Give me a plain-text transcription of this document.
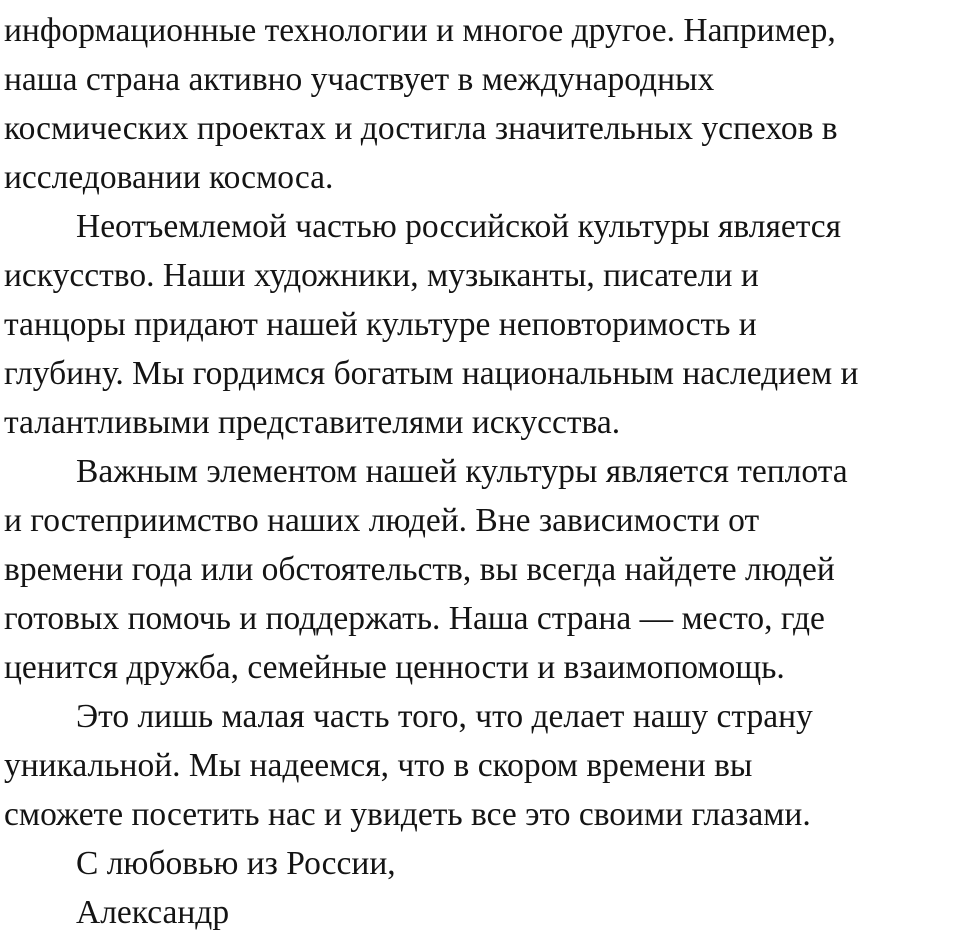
информационные технологии и многое другое. Например,
наша страна активно участвует в международных
космических проектах и достигла значительных успехов в
исследовании космоса.
Неотъемлемой частью российской культуры является
искусство. Наши художники, музыканты, писатели и
танцоры придают нашей культуре неповторимость и
глубину. Мы гордимся богатым национальным наследием и
талантливыми представителями искусства.
Важным элементом нашей культуры является теплота
и гостеприимство наших людей. Вне зависимости от
времени года или обстоятельств, вы всегда найдете людей
готовых помочь и поддержать. Наша страна — место, где
ценится дружба, семейные ценности и взаимопомощь.
Это лишь малая часть того, что делает нашу страну
уникальной. Мы надеемся, что в скором времени вы
сможете посетить нас и увидеть все это своими глазами.
С любовью из России,
Александр
